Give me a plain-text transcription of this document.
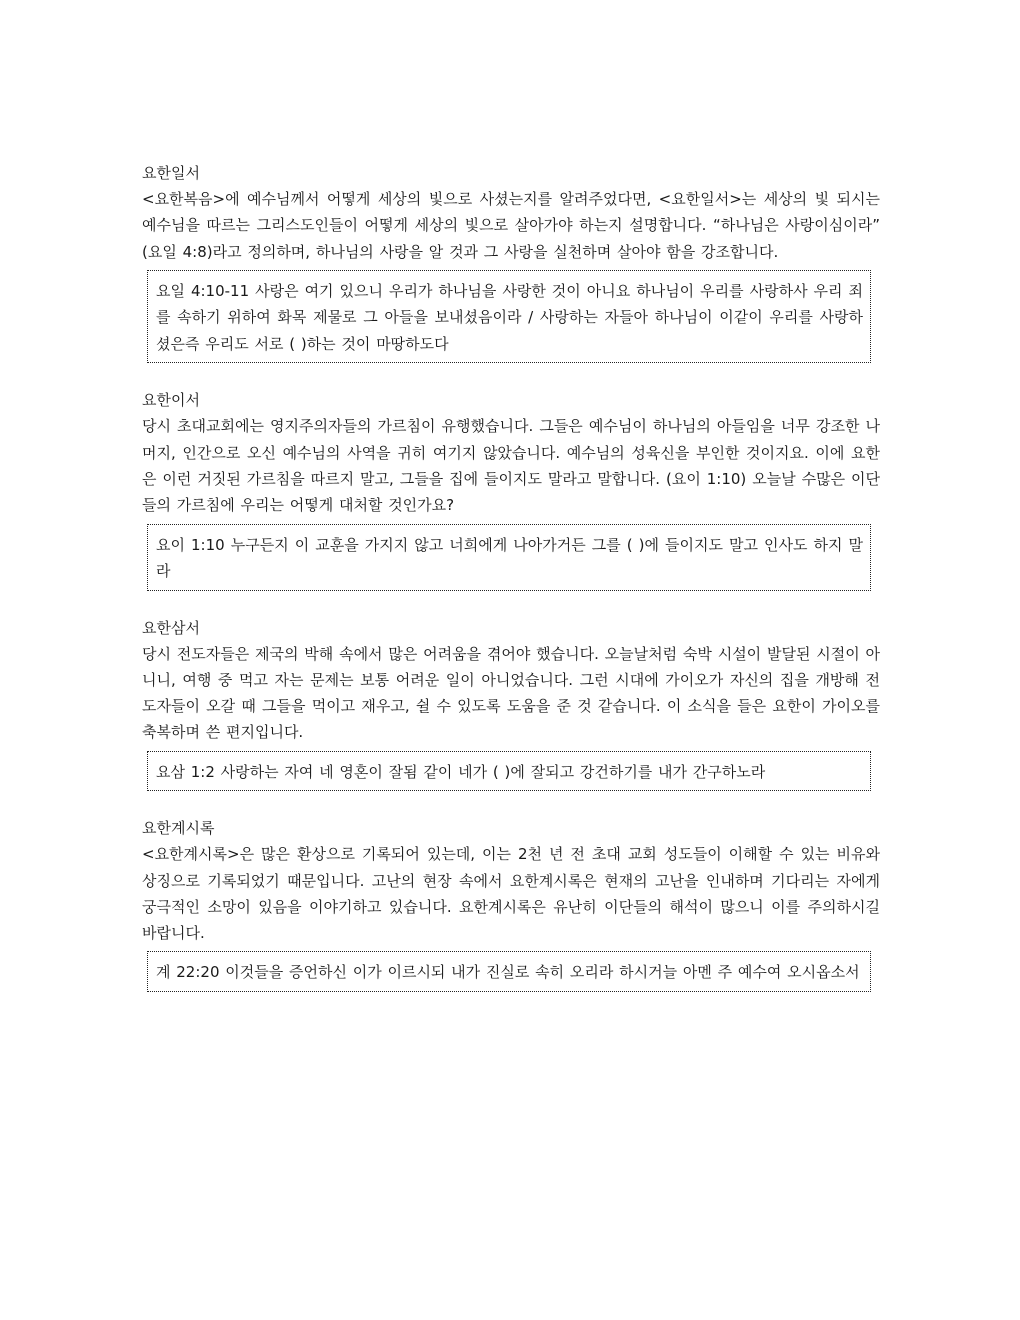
요한일서

<요한복음>에 예수님께서 어떻게 세상의 빛으로 사셨는지를 알려주었다면, <요한일서>는 세상의 빛 되시는 예수님을 따르는 그리스도인들이 어떻게 세상의 빛으로 살아가야 하는지 설명합니다. “하나님은 사랑이심이라” (요일 4:8)라고 정의하며, 하나님의 사랑을 알 것과 그 사랑을 실천하며 살아야 함을 강조합니다.

요일 4:10-11 사랑은 여기 있으니 우리가 하나님을 사랑한 것이 아니요 하나님이 우리를 사랑하사 우리 죄를 속하기 위하여 화목 제물로 그 아들을 보내셨음이라 / 사랑하는 자들아 하나님이 이같이 우리를 사랑하셨은즉 우리도 서로 ( )하는 것이 마땅하도다
요한이서

당시 초대교회에는 영지주의자들의 가르침이 유행했습니다. 그들은 예수님이 하나님의 아들임을 너무 강조한 나머지, 인간으로 오신 예수님의 사역을 귀히 여기지 않았습니다. 예수님의 성육신을 부인한 것이지요. 이에 요한은 이런 거짓된 가르침을 따르지 말고, 그들을 집에 들이지도 말라고 말합니다. (요이 1:10) 오늘날 수많은 이단들의 가르침에 우리는 어떻게 대처할 것인가요?

요이 1:10 누구든지 이 교훈을 가지지 않고 너희에게 나아가거든 그를 ( )에 들이지도 말고 인사도 하지 말라
요한삼서

당시 전도자들은 제국의 박해 속에서 많은 어려움을 겪어야 했습니다. 오늘날처럼 숙박 시설이 발달된 시절이 아니니, 여행 중 먹고 자는 문제는 보통 어려운 일이 아니었습니다. 그런 시대에 가이오가 자신의 집을 개방해 전도자들이 오갈 때 그들을 먹이고 재우고, 쉴 수 있도록 도움을 준 것 같습니다. 이 소식을 들은 요한이 가이오를 축복하며 쓴 편지입니다.

요삼 1:2 사랑하는 자여 네 영혼이 잘됨 같이 네가 ( )에 잘되고 강건하기를 내가 간구하노라
요한계시록

<요한계시록>은 많은 환상으로 기록되어 있는데, 이는 2천 년 전 초대 교회 성도들이 이해할 수 있는 비유와 상징으로 기록되었기 때문입니다. 고난의 현장 속에서 요한계시록은 현재의 고난을 인내하며 기다리는 자에게 궁극적인 소망이 있음을 이야기하고 있습니다. 요한계시록은 유난히 이단들의 해석이 많으니 이를 주의하시길 바랍니다.

계 22:20 이것들을 증언하신 이가 이르시되 내가 진실로 속히 오리라 하시거늘 아멘 주 예수여 오시옵소서
